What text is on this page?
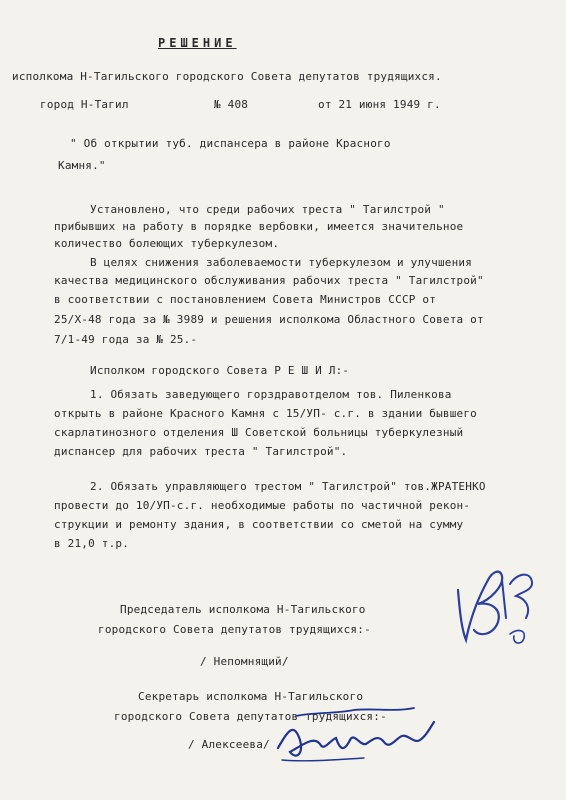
РЕШЕНИЕ
исполкома Н-Тагильского городского Совета депутатов трудящихся.
город Н-Тагил	№ 408	от 21 июня 1949 г.
" Об открытии туб. диспансера в районе Красного
Камня."
Установлено, что среди рабочих треста " Тагилстрой "
прибывших на работу в порядке вербовки, имеется значительное
количество болеющих туберкулезом.
В целях снижения заболеваемости туберкулезом и улучшения
качества медицинского обслуживания рабочих треста " Тагилстрой"
в соответствии с постановлением Совета Министров СССР от
25/Х-48 года за № 3989 и решения исполкома Областного Совета от
7/1-49 года за № 25.-
Исполком городского Совета Р Е Ш И Л:-
1. Обязать заведующего горздравотделом тов. Пиленкова
открыть в районе Красного Камня с 15/УП- с.г. в здании бывшего
скарлатинозного отделения Ш Советской больницы туберкулезный
диспансер для рабочих треста " Тагилстрой".
2. Обязать управляющего трестом " Тагилстрой" тов.ЖРАТЕНКО
провести до 10/УП-с.г. необходимые работы по частичной рекон-
струкции и ремонту здания, в соответствии со сметой на сумму
в 21,0 т.р.
Председатель исполкома Н-Тагильского
городского Совета депутатов трудящихся:-
/ Непомнящий/
Секретарь исполкома Н-Тагильского
городского Совета депутатов трудящихся:-
/ Алексеева/
